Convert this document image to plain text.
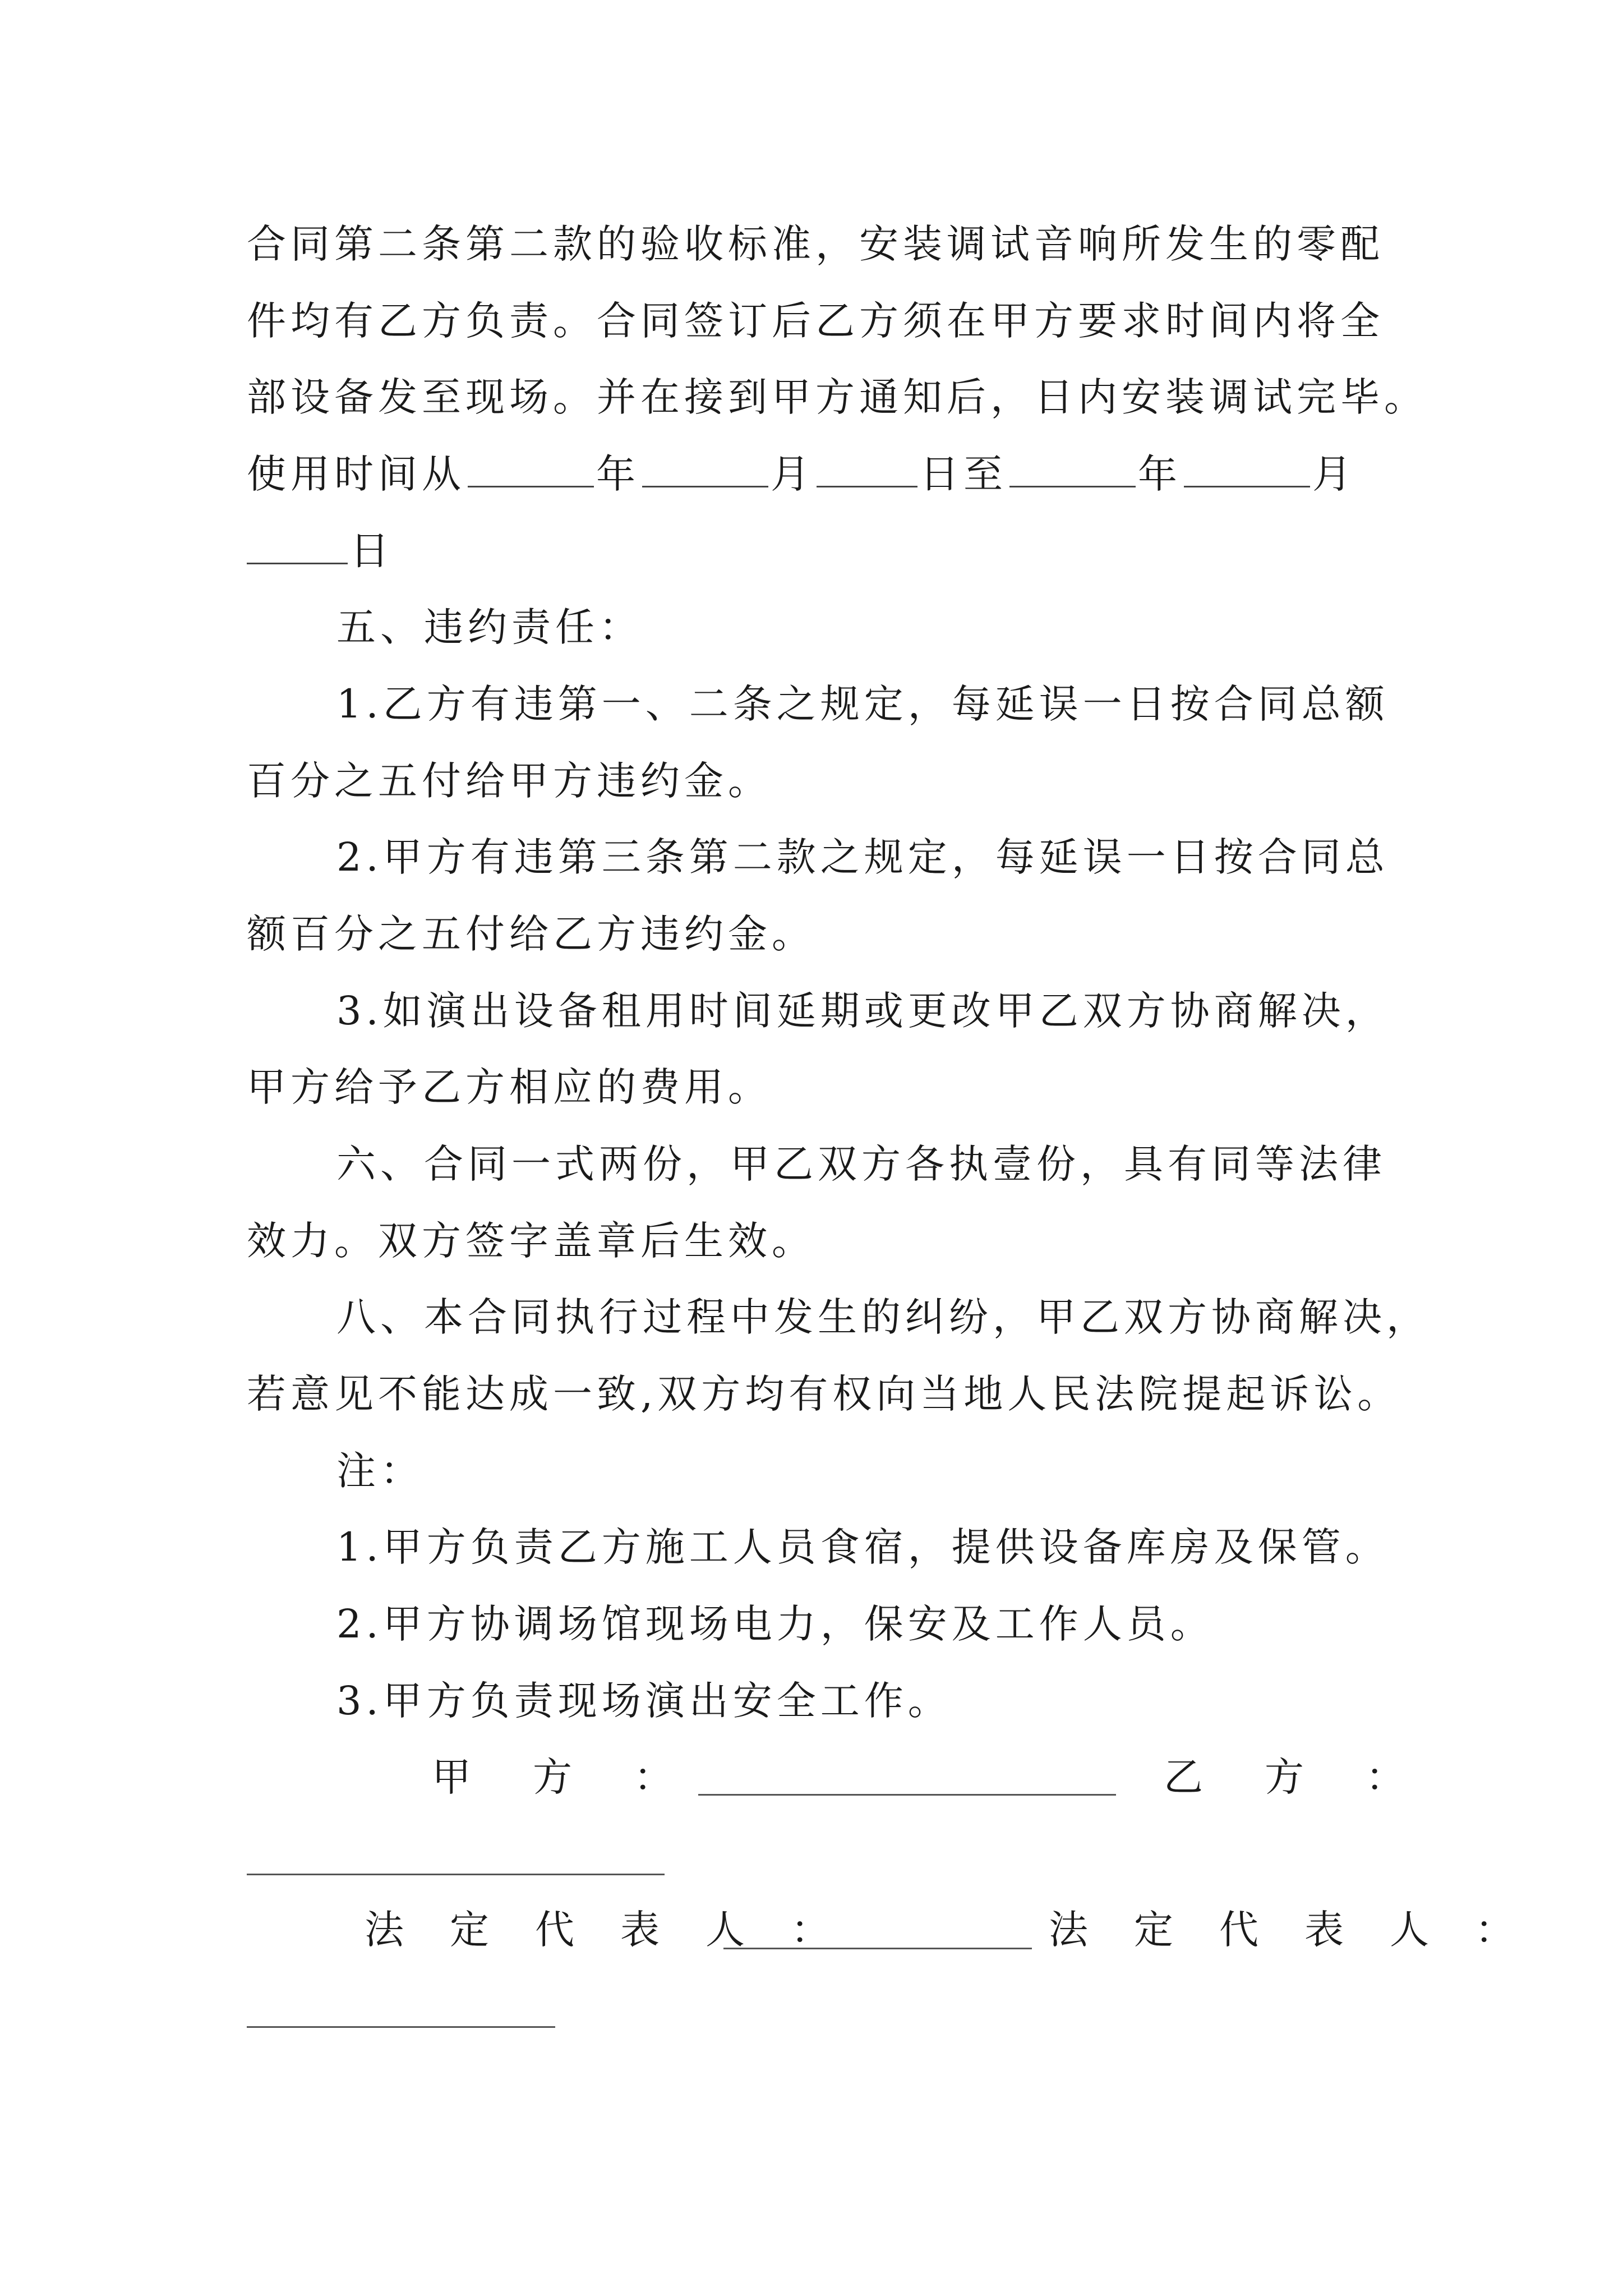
合同第二条第二款的验收标准，安装调试音响所发生的零配
件均有乙方负责。合同签订后乙方须在甲方要求时间内将全
部设备发至现场。并在接到甲方通知后，日内安装调试完毕。
使用时间从	年	月	日至	年	月
日
五、违约责任：
1.乙方有违第一、二条之规定，每延误一日按合同总额
百分之五付给甲方违约金。
2.甲方有违第三条第二款之规定，每延误一日按合同总
额百分之五付给乙方违约金。
3.如演出设备租用时间延期或更改甲乙双方协商解决，
甲方给予乙方相应的费用。
六、合同一式两份，甲乙双方各执壹份，具有同等法律
效力。双方签字盖章后生效。
八、本合同执行过程中发生的纠纷，甲乙双方协商解决，
若意见不能达成一致,双方均有权向当地人民法院提起诉讼。
注：
1.甲方负责乙方施工人员食宿，提供设备库房及保管。
2.甲方协调场馆现场电力，保安及工作人员。
3.甲方负责现场演出安全工作。
甲　方　：	乙　方　：
法　定　代　表　人　：	法　定　代　表　人　：
